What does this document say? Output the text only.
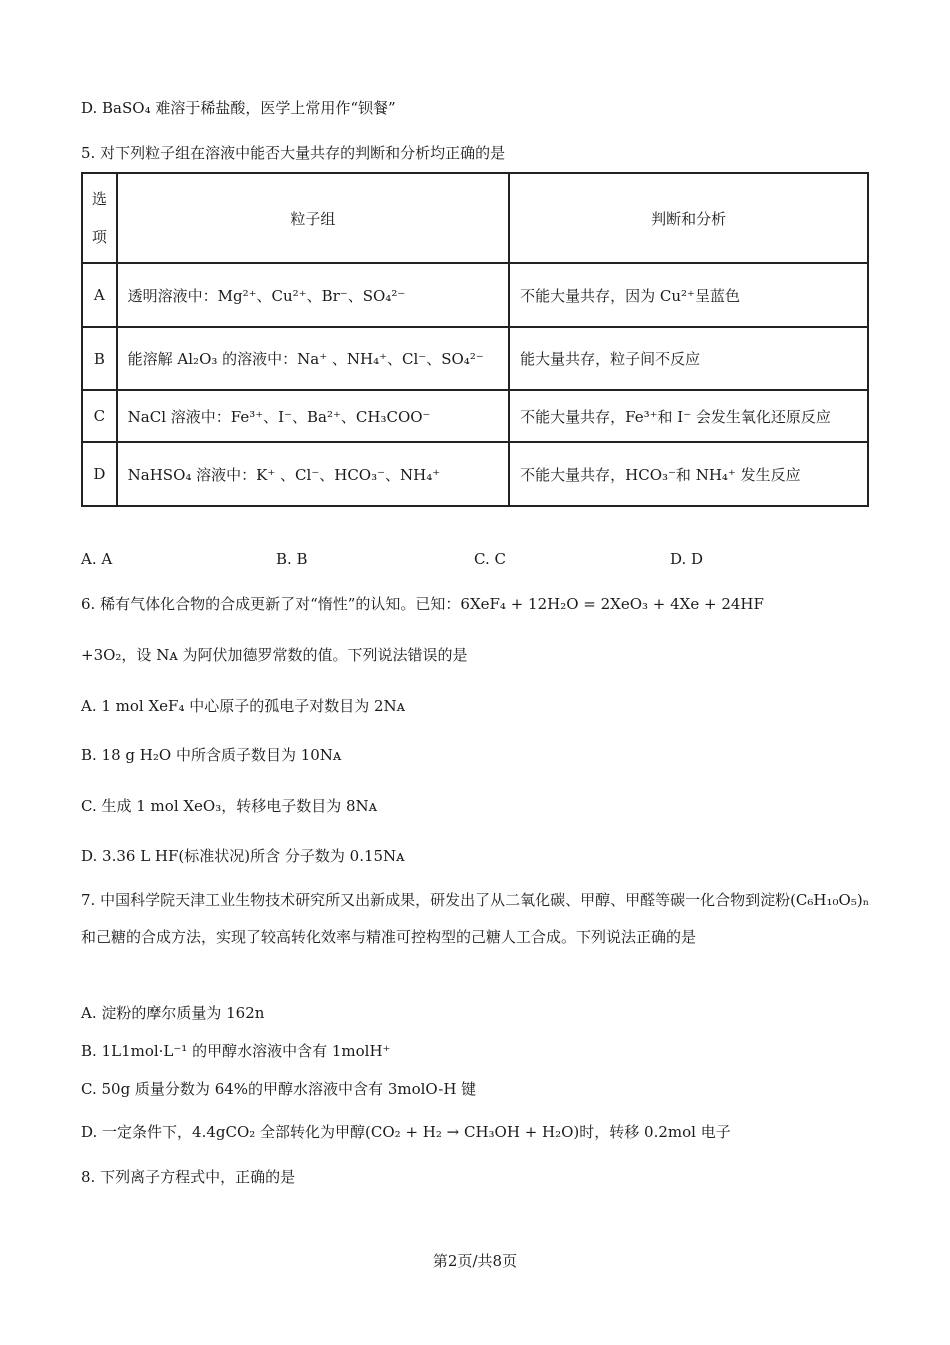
D. BaSO₄ 难溶于稀盐酸，医学上常用作“钡餐”
5. 对下列粒子组在溶液中能否大量共存的判断和分析均正确的是
选
项	粒子组	判断和分析
A	透明溶液中：Mg²⁺、Cu²⁺、Br⁻、SO₄²⁻	不能大量共存，因为 Cu²⁺呈蓝色
B	能溶解 Al₂O₃ 的溶液中：Na⁺ 、NH₄⁺、Cl⁻、SO₄²⁻	能大量共存，粒子间不反应
C	NaCl 溶液中：Fe³⁺、I⁻、Ba²⁺、CH₃COO⁻	不能大量共存，Fe³⁺和 I⁻ 会发生氧化还原反应
D	NaHSO₄ 溶液中：K⁺ 、Cl⁻、HCO₃⁻、NH₄⁺	不能大量共存，HCO₃⁻和 NH₄⁺ 发生反应
A. A	B. B	C. C	D. D
6. 稀有气体化合物的合成更新了对“惰性”的认知。已知：6XeF₄ + 12H₂O = 2XeO₃ + 4Xe + 24HF
+3O₂，设 Nᴀ 为阿伏加德罗常数的值。下列说法错误的是
A. 1 mol XeF₄ 中心原子的孤电子对数目为 2Nᴀ
B. 18 g H₂O 中所含质子数目为 10Nᴀ
C. 生成 1 mol XeO₃，转移电子数目为 8Nᴀ
D. 3.36 L HF(标准状况)所含 分子数为 0.15Nᴀ
7. 中国科学院天津工业生物技术研究所又出新成果，研发出了从二氧化碳、甲醇、甲醛等碳一化合物到淀粉(C₆H₁₀O₅)ₙ 和己糖的合成方法，实现了较高转化效率与精准可控构型的己糖人工合成。下列说法正确的是
A. 淀粉的摩尔质量为 162n
B. 1L1mol·L⁻¹ 的甲醇水溶液中含有 1molH⁺
C. 50g 质量分数为 64%的甲醇水溶液中含有 3molO-H 键
D. 一定条件下，4.4gCO₂ 全部转化为甲醇(CO₂ + H₂ → CH₃OH + H₂O)时，转移 0.2mol 电子
8. 下列离子方程式中，正确的是
第2页/共8页
